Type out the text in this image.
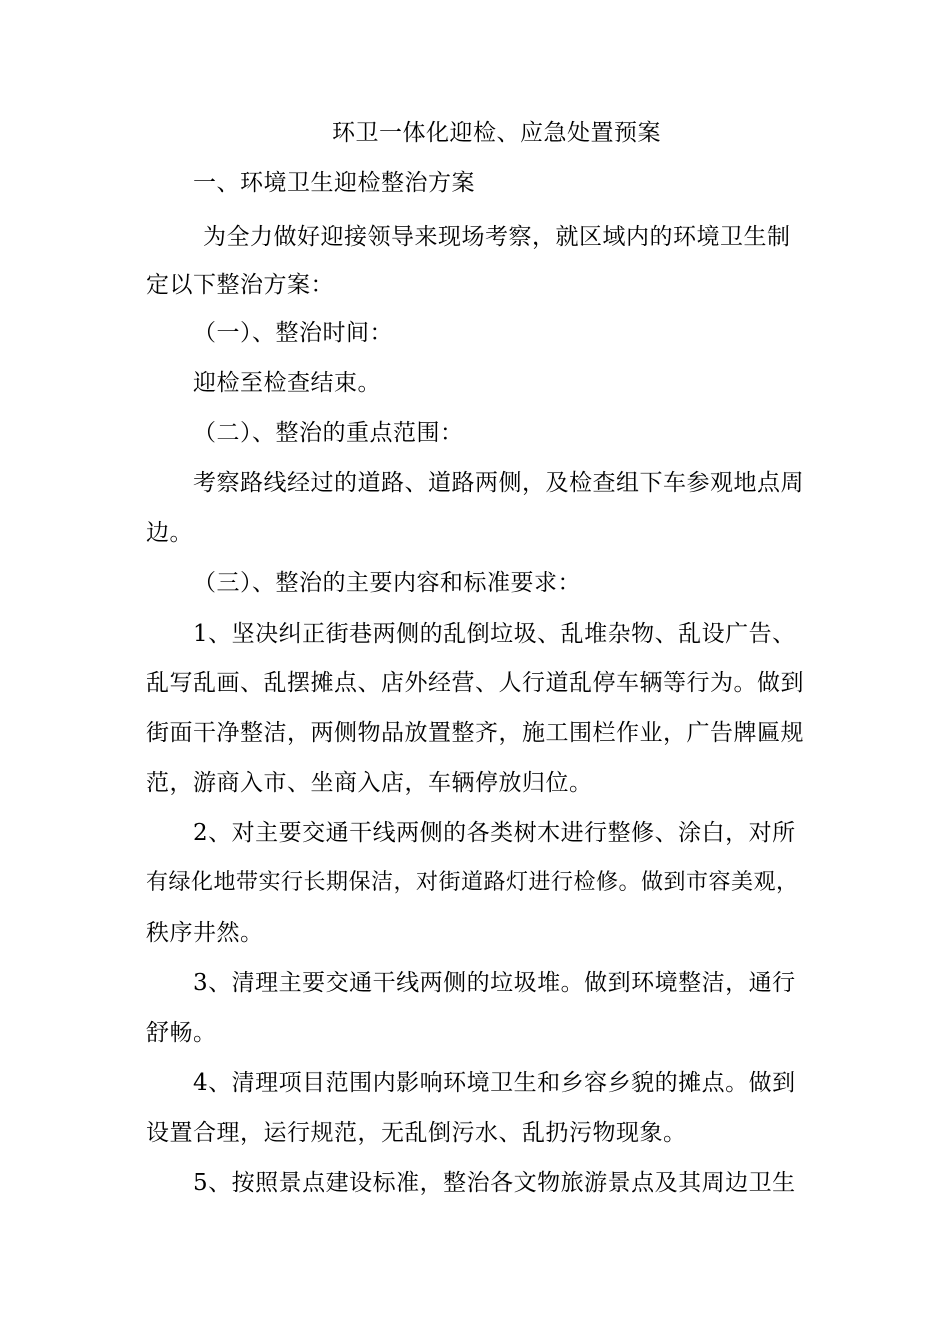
环卫一体化迎检、应急处置预案
一、环境卫生迎检整治方案
为全力做好迎接领导来现场考察，就区域内的环境卫生制
定以下整治方案：
（一）、整治时间：
迎检至检查结束。
（二）、整治的重点范围：
考察路线经过的道路、道路两侧，及检查组下车参观地点周
边。
（三）、整治的主要内容和标准要求：
1、坚决纠正街巷两侧的乱倒垃圾、乱堆杂物、乱设广告、
乱写乱画、乱摆摊点、店外经营、人行道乱停车辆等行为。做到
街面干净整洁，两侧物品放置整齐，施工围栏作业，广告牌匾规
范，游商入市、坐商入店，车辆停放归位。
2、对主要交通干线两侧的各类树木进行整修、涂白，对所
有绿化地带实行长期保洁，对街道路灯进行检修。做到市容美观，
秩序井然。
3、清理主要交通干线两侧的垃圾堆。做到环境整洁，通行
舒畅。
4、清理项目范围内影响环境卫生和乡容乡貌的摊点。做到
设置合理，运行规范，无乱倒污水、乱扔污物现象。
5、按照景点建设标准，整治各文物旅游景点及其周边卫生
